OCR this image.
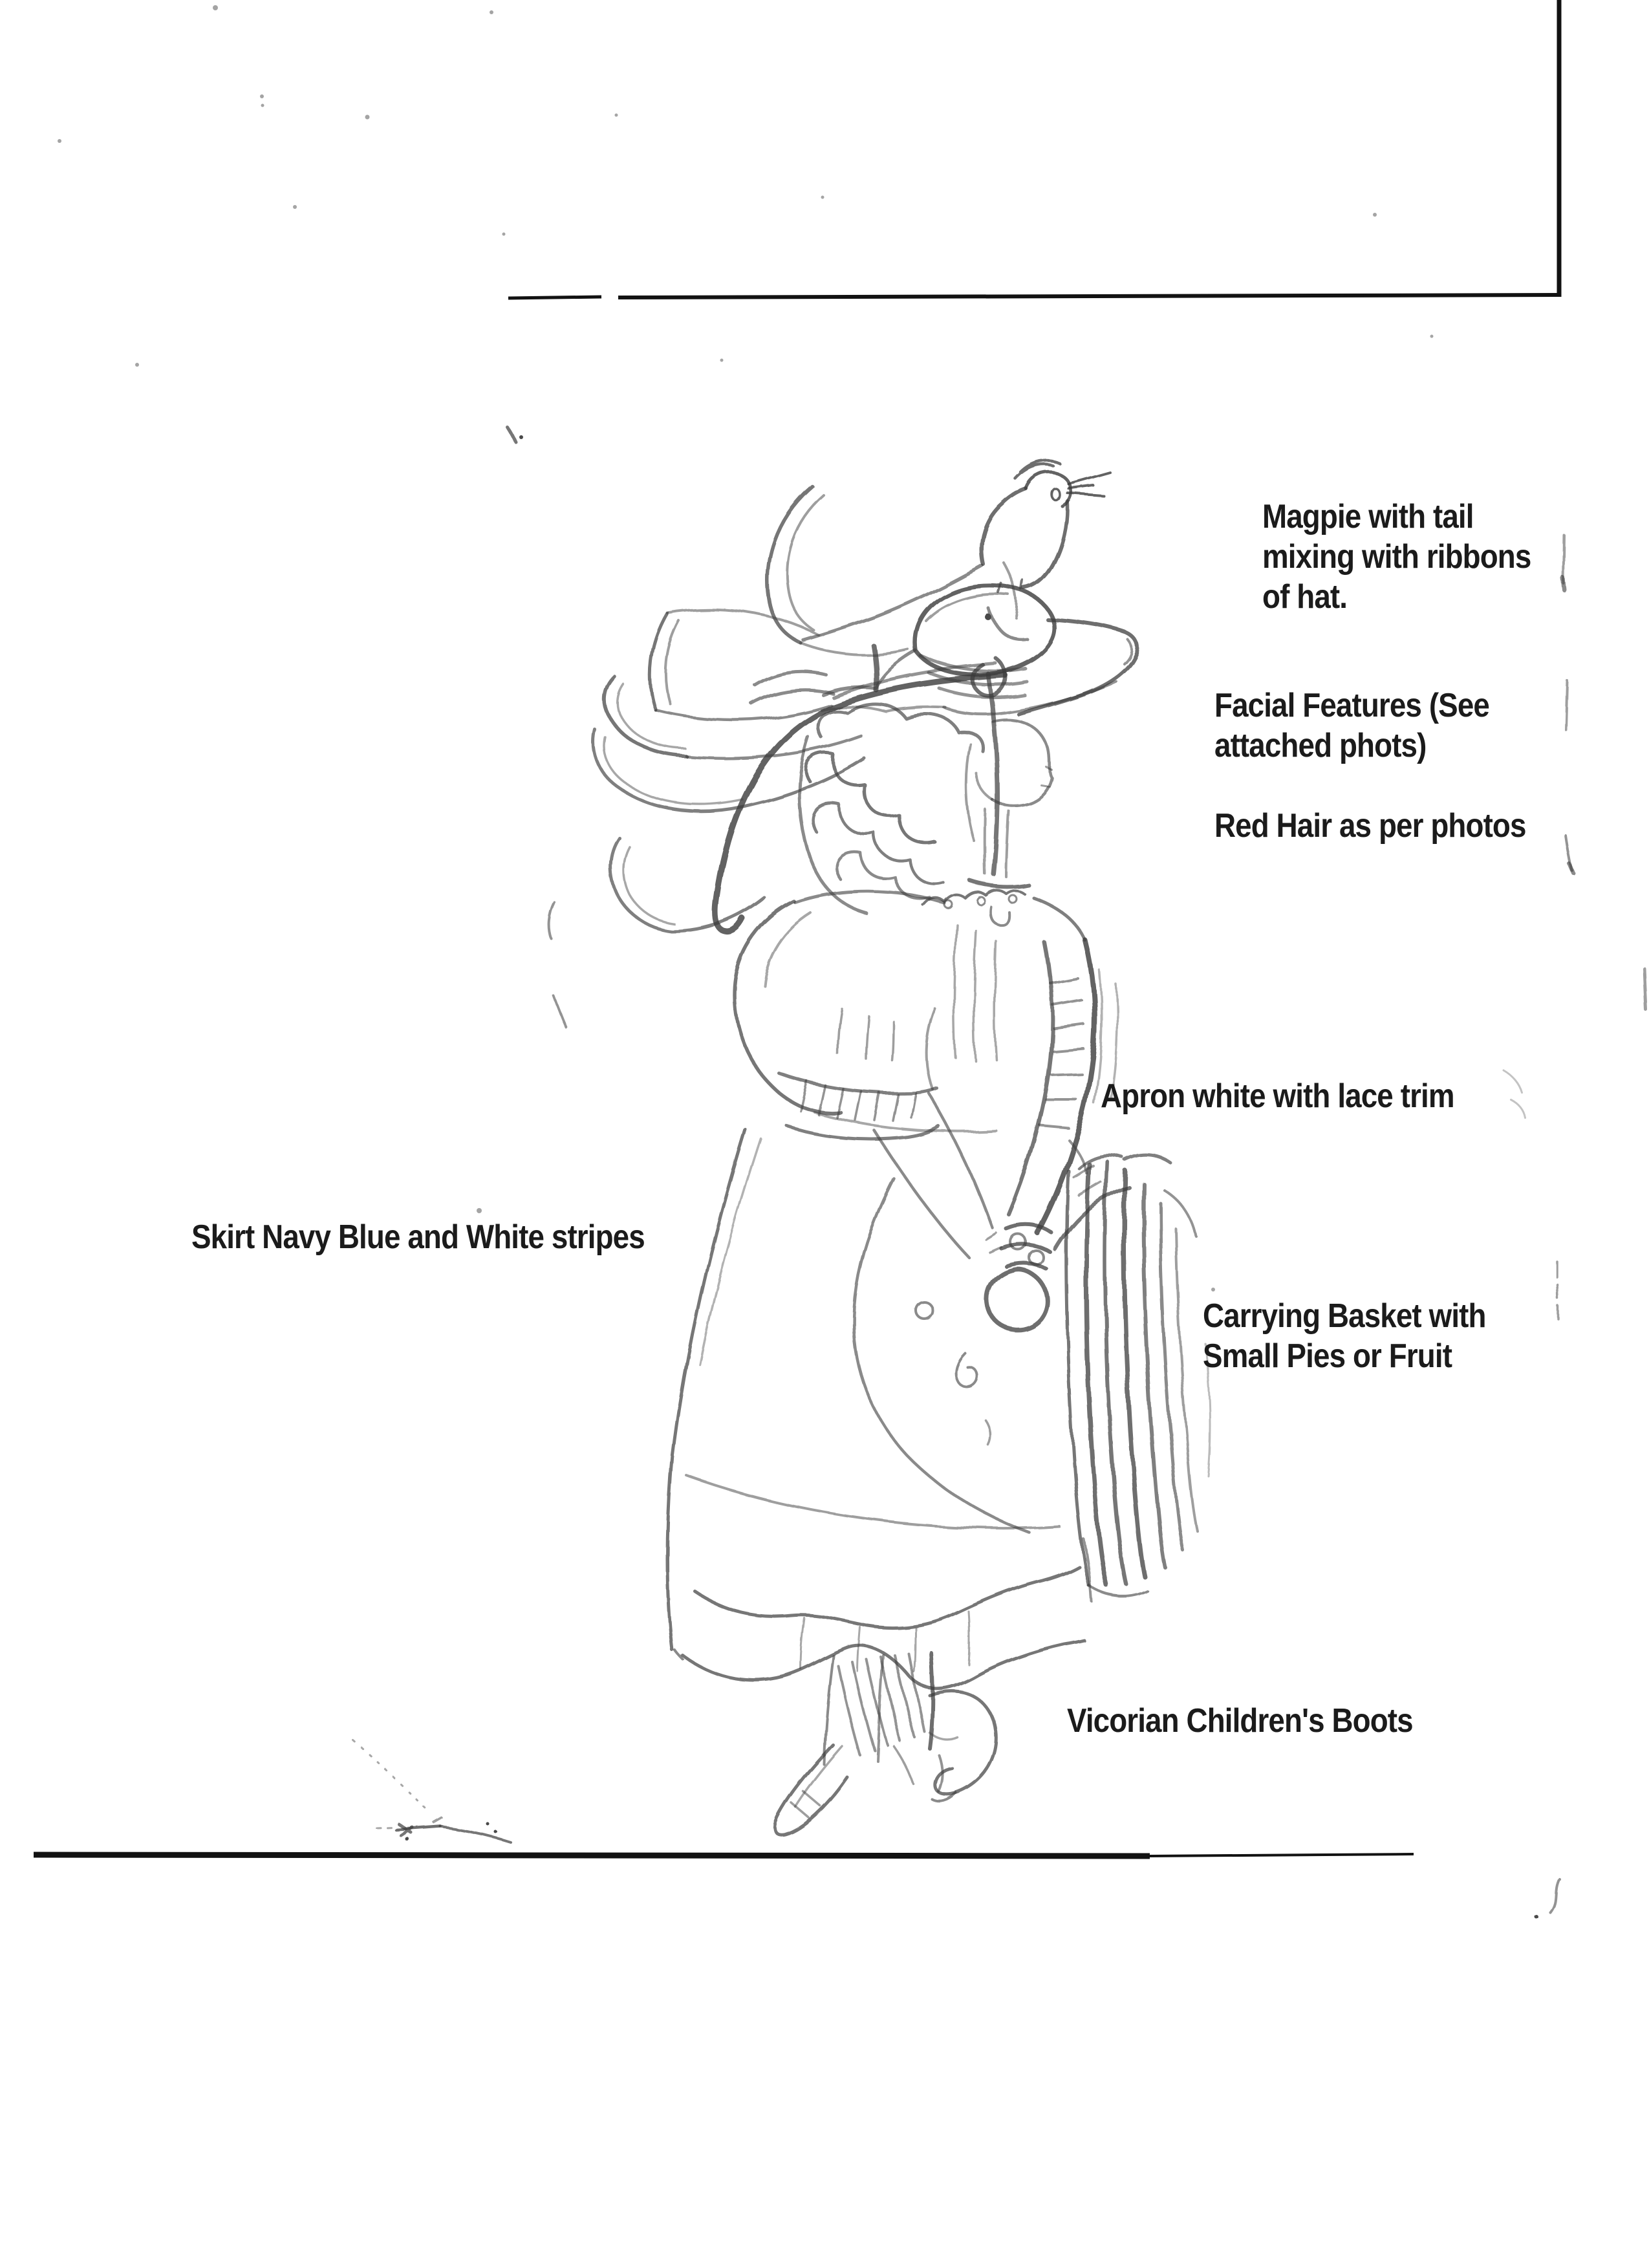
Magpie with tail
mixing with ribbons
of hat.
Facial Features (See
attached phots)
Red Hair as per photos
Apron white with lace trim
Skirt Navy Blue and White stripes
Carrying Basket with
Small Pies or Fruit
Vicorian Children's Boots
